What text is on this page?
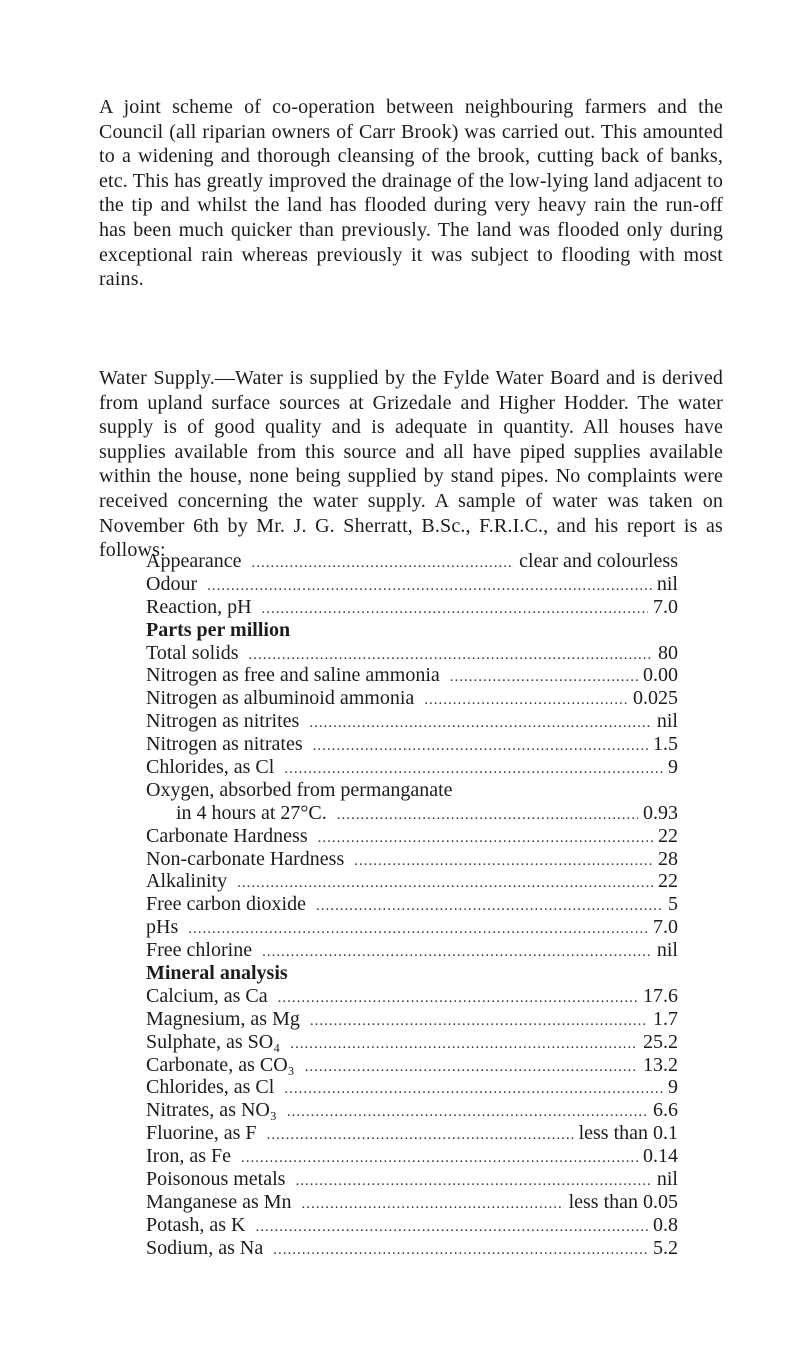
A joint scheme of co-operation between neighbouring farmers and the Council (all riparian owners of Carr Brook) was carried out. This amounted to a widening and thorough cleansing of the brook, cutting back of banks, etc. This has greatly improved the drainage of the low-lying land adjacent to the tip and whilst the land has flooded during very heavy rain the run-off has been much quicker than previously. The land was flooded only during exceptional rain whereas previously it was subject to flooding with most rains.

Water Supply.—Water is supplied by the Fylde Water Board and is derived from upland surface sources at Grizedale and Higher Hodder. The water supply is of good quality and is adequate in quantity. All houses have supplies available from this source and all have piped supplies available within the house, none being supplied by stand pipes. No complaints were received concerning the water supply. A sample of water was taken on November 6th by Mr. J. G. Sherratt, B.Sc., F.R.I.C., and his report is as follows:

Appearance .....	clear and colourless
Odour .....	nil
Reaction, pH .....	7.0
Parts per million
Total solids .....	80
Nitrogen as free and saline ammonia .....	0.00
Nitrogen as albuminoid ammonia .....	0.025
Nitrogen as nitrites .....	nil
Nitrogen as nitrates .....	1.5
Chlorides, as Cl .....	9
Oxygen, absorbed from permanganate
in 4 hours at 27°C. .....	0.93
Carbonate Hardness .....	22
Non-carbonate Hardness .....	28
Alkalinity .....	22
Free carbon dioxide .....	5
pHs .....	7.0
Free chlorine .....	nil
Mineral analysis
Calcium, as Ca .....	17.6
Magnesium, as Mg .....	1.7
Sulphate, as SO₄ .....	25.2
Carbonate, as CO₃ .....	13.2
Chlorides, as Cl .....	9
Nitrates, as NO₃ .....	6.6
Fluorine, as F .....	less than 0.1
Iron, as Fe .....	0.14
Poisonous metals .....	nil
Manganese as Mn .....	less than 0.05
Potash, as K .....	0.8
Sodium, as Na .....	5.2
